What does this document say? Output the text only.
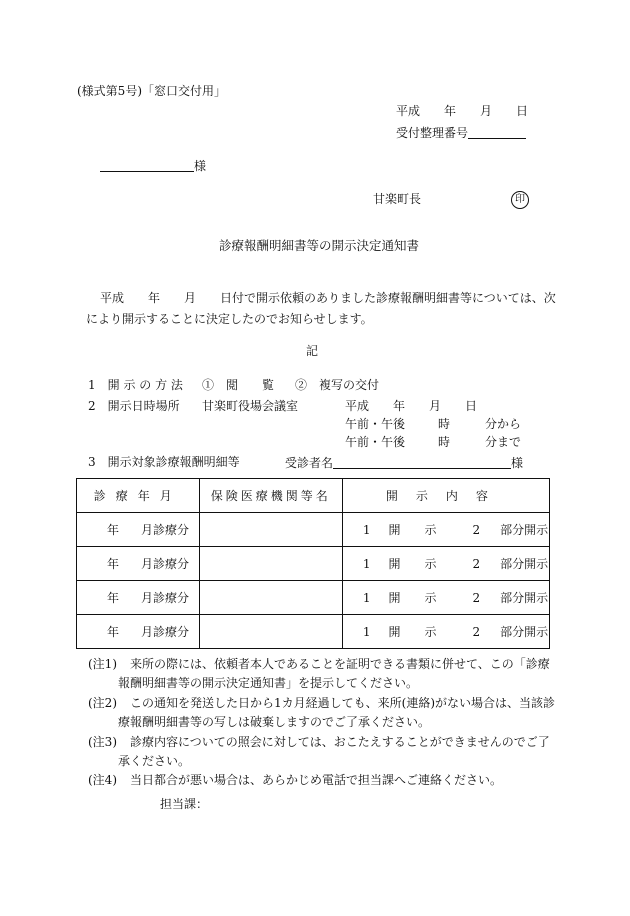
(様式第5号)「窓口交付用」
平成　　年　　月　　日
受付整理番号
様
甘楽町長	印
診療報酬明細書等の開示決定通知書
平成　　年　　月　　日付で開示依頼のありました診療報酬明細書等については、次
により開示することに決定したのでお知らせします。
記
1　開 示 の 方 法 ①　閲　　覧 ②　複写の交付
2　開示日時場所 甘楽町役場会議室	平成　　年　　月　　日
午前・午後	時	分から
午前・午後	時	分まで
3　開示対象診療報酬明細等	受診者名	様
診療年月	保険医療機関等名	開示内容
年 月診療分		1 開　　示 2 部分開示
年 月診療分		1 開　　示 2 部分開示
年 月診療分		1 開　　示 2 部分開示
年 月診療分		1 開　　示 2 部分開示
(注1) 来所の際には、依頼者本人であることを証明できる書類に併せて、この「診療
報酬明細書等の開示決定通知書」を提示してください。
(注2) この通知を発送した日から1カ月経過しても、来所(連絡)がない場合は、当該診
療報酬明細書等の写しは破棄しますのでご了承ください。
(注3) 診療内容についての照会に対しては、おこたえすることができませんのでご了
承ください。
(注4) 当日都合が悪い場合は、あらかじめ電話で担当課へご連絡ください。
担当課：
